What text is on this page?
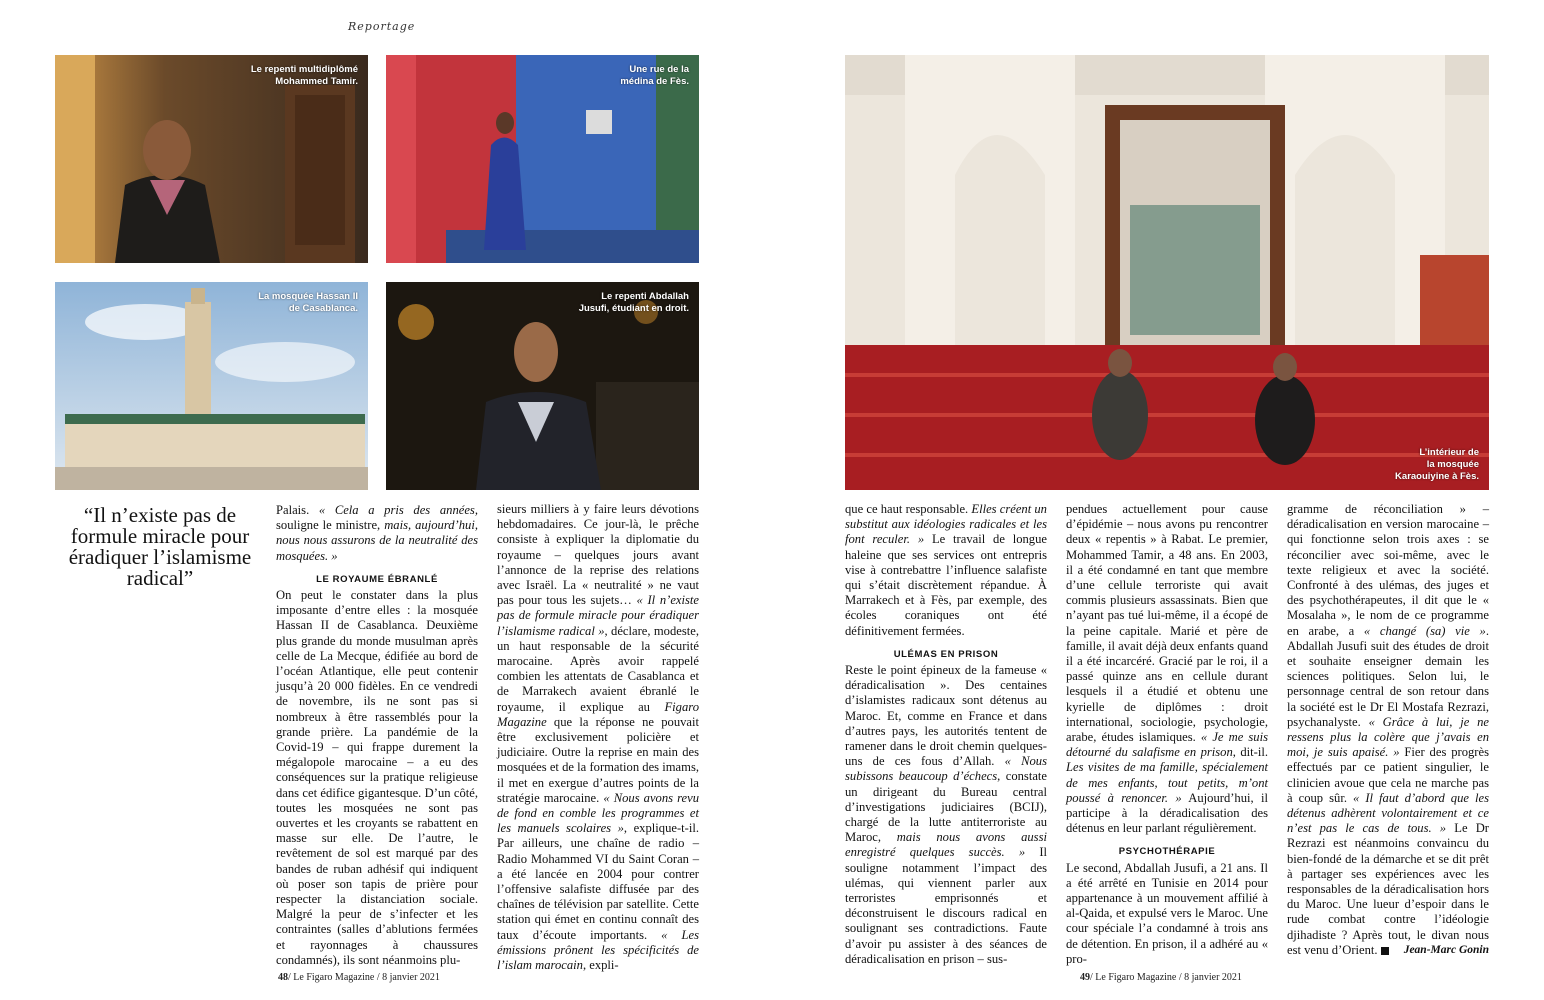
Reportage
Le repenti multidiplômé
Mohammed Tamir.
Une rue de la
médina de Fès.
La mosquée Hassan II
de Casablanca.
Le repenti Abdallah
Jusufi, étudiant en droit.
L’intérieur de
la mosquée
Karaouiyine à Fès.
“Il n’existe pas de formule miracle pour éradiquer l’islamisme radical”

Palais. « Cela a pris des années, souligne le ministre, mais, aujourd’hui, nous nous assurons de la neutralité des mosquées. »

LE ROYAUME ÉBRANLÉ

On peut le constater dans la plus imposante d’entre elles : la mosquée Hassan II de Casablanca. Deuxième plus grande du monde musulman après celle de La Mecque, édifiée au bord de l’océan Atlantique, elle peut contenir jusqu’à 20 000 fidèles. En ce vendredi de novembre, ils ne sont pas si nombreux à être rassemblés pour la grande prière. La pandémie de la Covid-19 – qui frappe durement la mégalopole marocaine – a eu des conséquences sur la pratique religieuse dans cet édifice gigantesque. D’un côté, toutes les mosquées ne sont pas ouvertes et les croyants se rabattent en masse sur elle. De l’autre, le revêtement de sol est marqué par des bandes de ruban adhésif qui indiquent où poser son tapis de prière pour respecter la distanciation sociale. Malgré la peur de s’infecter et les contraintes (salles d’ablutions fermées et rayonnages à chaussures condamnés), ils sont néanmoins plu-

sieurs milliers à y faire leurs dévotions hebdomadaires. Ce jour-là, le prêche consiste à expliquer la diplomatie du royaume – quelques jours avant l’annonce de la reprise des relations avec Israël. La « neutralité » ne vaut pas pour tous les sujets… « Il n’existe pas de formule miracle pour éradiquer l’islamisme radical », déclare, modeste, un haut responsable de la sécurité marocaine. Après avoir rappelé combien les attentats de Casablanca et de Marrakech avaient ébranlé le royaume, il explique au Figaro Magazine que la réponse ne pouvait être exclusivement policière et judiciaire. Outre la reprise en main des mosquées et de la formation des imams, il met en exergue d’autres points de la stratégie marocaine. « Nous avons revu de fond en comble les programmes et les manuels scolaires », explique-t-il. Par ailleurs, une chaîne de radio – Radio Mohammed VI du Saint Coran – a été lancée en 2004 pour contrer l’offensive salafiste diffusée par des chaînes de télévision par satellite. Cette station qui émet en continu connaît des taux d’écoute importants. « Les émissions prônent les spécificités de l’islam marocain, expli-

que ce haut responsable. Elles créent un substitut aux idéologies radicales et les font reculer. » Le travail de longue haleine que ses services ont entrepris vise à contrebattre l’influence salafiste qui s’était discrètement répandue. À Marrakech et à Fès, par exemple, des écoles coraniques ont été définitivement fermées.

ULÉMAS EN PRISON

Reste le point épineux de la fameuse « déradicalisation ». Des centaines d’islamistes radicaux sont détenus au Maroc. Et, comme en France et dans d’autres pays, les autorités tentent de ramener dans le droit chemin quelques-uns de ces fous d’Allah. « Nous subissons beaucoup d’échecs, constate un dirigeant du Bureau central d’investigations judiciaires (BCIJ), chargé de la lutte antiterroriste au Maroc, mais nous avons aussi enregistré quelques succès. » Il souligne notamment l’impact des ulémas, qui viennent parler aux terroristes emprisonnés et déconstruisent le discours radical en soulignant ses contradictions. Faute d’avoir pu assister à des séances de déradicalisation en prison – sus-

pendues actuellement pour cause d’épidémie – nous avons pu rencontrer deux « repentis » à Rabat. Le premier, Mohammed Tamir, a 48 ans. En 2003, il a été condamné en tant que membre d’une cellule terroriste qui avait commis plusieurs assassinats. Bien que n’ayant pas tué lui-même, il a écopé de la peine capitale. Marié et père de famille, il avait déjà deux enfants quand il a été incarcéré. Gracié par le roi, il a passé quinze ans en cellule durant lesquels il a étudié et obtenu une kyrielle de diplômes : droit international, sociologie, psychologie, arabe, études islamiques. « Je me suis détourné du salafisme en prison, dit-il. Les visites de ma famille, spécialement de mes enfants, tout petits, m’ont poussé à renoncer. » Aujourd’hui, il participe à la déradicalisation des détenus en leur parlant régulièrement.

PSYCHOTHÉRAPIE

Le second, Abdallah Jusufi, a 21 ans. Il a été arrêté en Tunisie en 2014 pour appartenance à un mouvement affilié à al-Qaida, et expulsé vers le Maroc. Une cour spéciale l’a condamné à trois ans de détention. En prison, il a adhéré au « pro-

gramme de réconciliation » – déradicalisation en version marocaine – qui fonctionne selon trois axes : se réconcilier avec soi-même, avec le texte religieux et avec la société. Confronté à des ulémas, des juges et des psychothérapeutes, il dit que le « Mosalaha », le nom de ce programme en arabe, a « changé (sa) vie ». Abdallah Jusufi suit des études de droit et souhaite enseigner demain les sciences politiques. Selon lui, le personnage central de son retour dans la société est le Dr El Mostafa Rezrazi, psychanalyste. « Grâce à lui, je ne ressens plus la colère que j’avais en moi, je suis apaisé. » Fier des progrès effectués par ce patient singulier, le clinicien avoue que cela ne marche pas à coup sûr. « Il faut d’abord que les détenus adhèrent volontairement et ce n’est pas le cas de tous. » Le Dr Rezrazi est néanmoins convaincu du bien-fondé de la démarche et se dit prêt à partager ses expériences avec les responsables de la déradicalisation hors du Maroc. Une lueur d’espoir dans le rude combat contre l’idéologie djihadiste ? Après tout, le divan nous est venu d’Orient. Jean-Marc Gonin

48/ Le Figaro Magazine / 8 janvier 2021	49/ Le Figaro Magazine / 8 janvier 2021
